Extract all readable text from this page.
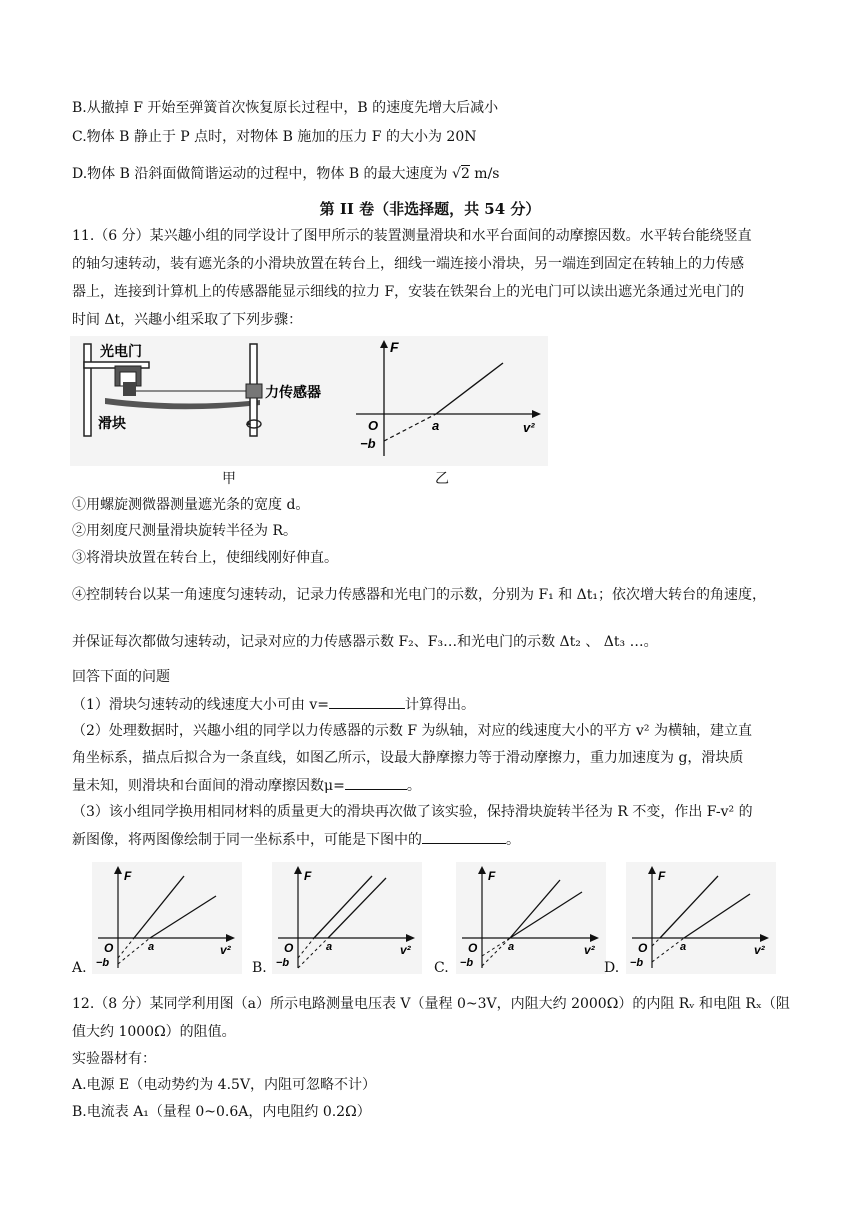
B.从撤掉 F 开始至弹簧首次恢复原长过程中，B 的速度先增大后减小
C.物体 B 静止于 P 点时，对物体 B 施加的压力 F 的大小为 20N
D.物体 B 沿斜面做简谐运动的过程中，物体 B 的最大速度为 √2 m/s
第 II 卷（非选择题，共 54 分）
11.（6 分）某兴趣小组的同学设计了图甲所示的装置测量滑块和水平台面间的动摩擦因数。水平转台能绕竖直
的轴匀速转动，装有遮光条的小滑块放置在转台上，细线一端连接小滑块，另一端连到固定在转轴上的力传感
器上，连接到计算机上的传感器能显示细线的拉力 F，安装在铁架台上的光电门可以读出遮光条通过光电门的
时间 Δt，兴趣小组采取了下列步骤：
光电门
滑块
力传感器
F
v²
O	a
−b
甲	乙
①用螺旋测微器测量遮光条的宽度 d。
②用刻度尺测量滑块旋转半径为 R。
③将滑块放置在转台上，使细线刚好伸直。
④控制转台以某一角速度匀速转动，记录力传感器和光电门的示数，分别为 F₁ 和 Δt₁；依次增大转台的角速度，
并保证每次都做匀速转动，记录对应的力传感器示数 F₂、F₃…和光电门的示数 Δt₂ 、 Δt₃ …。
回答下面的问题
（1）滑块匀速转动的线速度大小可由 v=	计算得出。
（2）处理数据时，兴趣小组的同学以力传感器的示数 F 为纵轴，对应的线速度大小的平方 v² 为横轴，建立直
角坐标系，描点后拟合为一条直线，如图乙所示，设最大静摩擦力等于滑动摩擦力，重力加速度为 g，滑块质
量未知，则滑块和台面间的滑动摩擦因数μ=	。
（3）该小组同学换用相同材料的质量更大的滑块再次做了该实验，保持滑块旋转半径为 R 不变，作出 F-v² 的
新图像，将两图像绘制于同一坐标系中，可能是下图中的	。
F
v²
O	a
−b
F
v²
O	a
−b
F
v²
O	a
−b
F
v²
O	a
−b
A.	B.	C.	D.
12.（8 分）某同学利用图（a）所示电路测量电压表 V（量程 0~3V，内阻大约 2000Ω）的内阻 Rᵥ 和电阻 Rₓ（阻
值大约 1000Ω）的阻值。
实验器材有：
A.电源 E（电动势约为 4.5V，内阻可忽略不计）
B.电流表 A₁（量程 0~0.6A，内电阻约 0.2Ω）
